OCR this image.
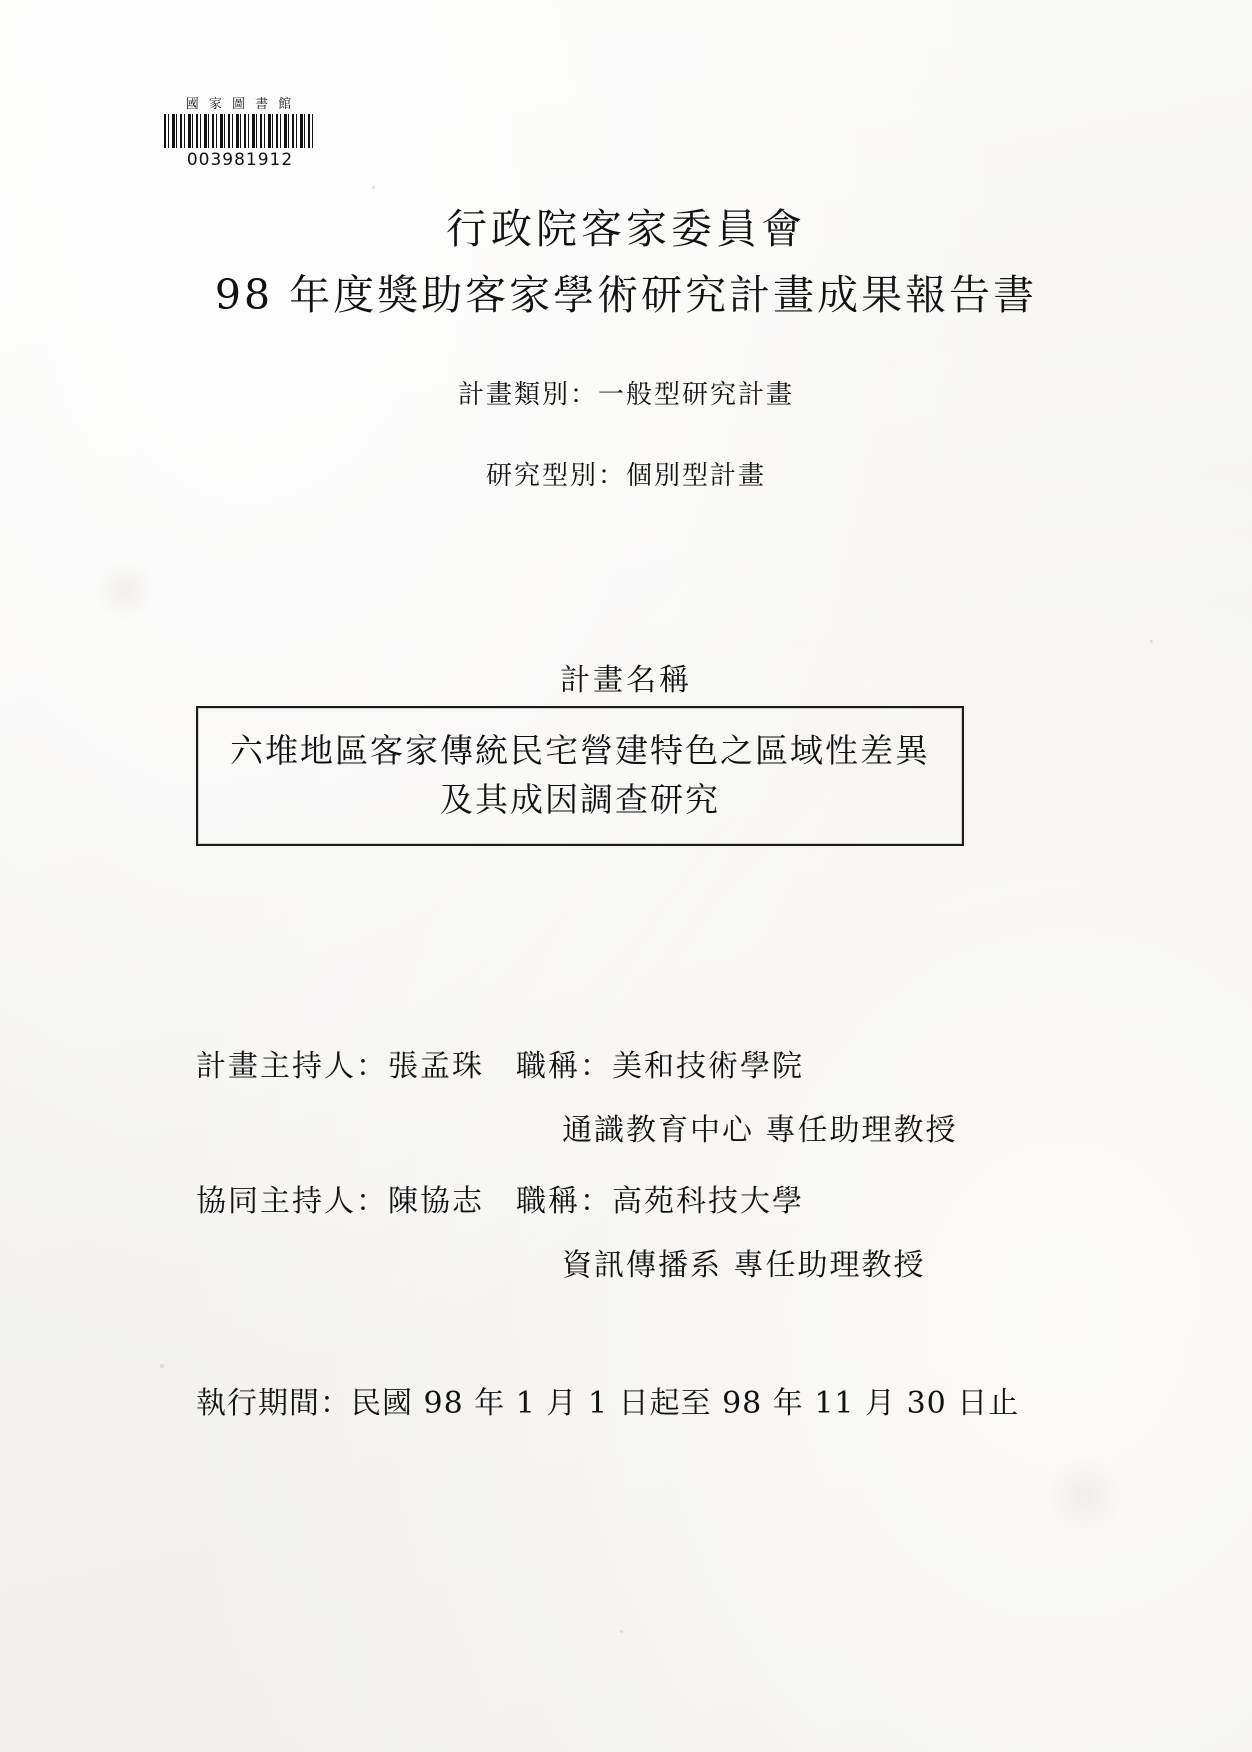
國 家 圖 書 館
003981912
行政院客家委員會
98 年度獎助客家學術研究計畫成果報告書
計畫類別：一般型研究計畫
研究型別：個別型計畫
計畫名稱
六堆地區客家傳統民宅營建特色之區域性差異
及其成因調查研究
計畫主持人：張孟珠　職稱：美和技術學院
通識教育中心 專任助理教授
協同主持人：陳協志　職稱：高苑科技大學
資訊傳播系 專任助理教授
執行期間：民國 98 年 1 月 1 日起至 98 年 11 月 30 日止
